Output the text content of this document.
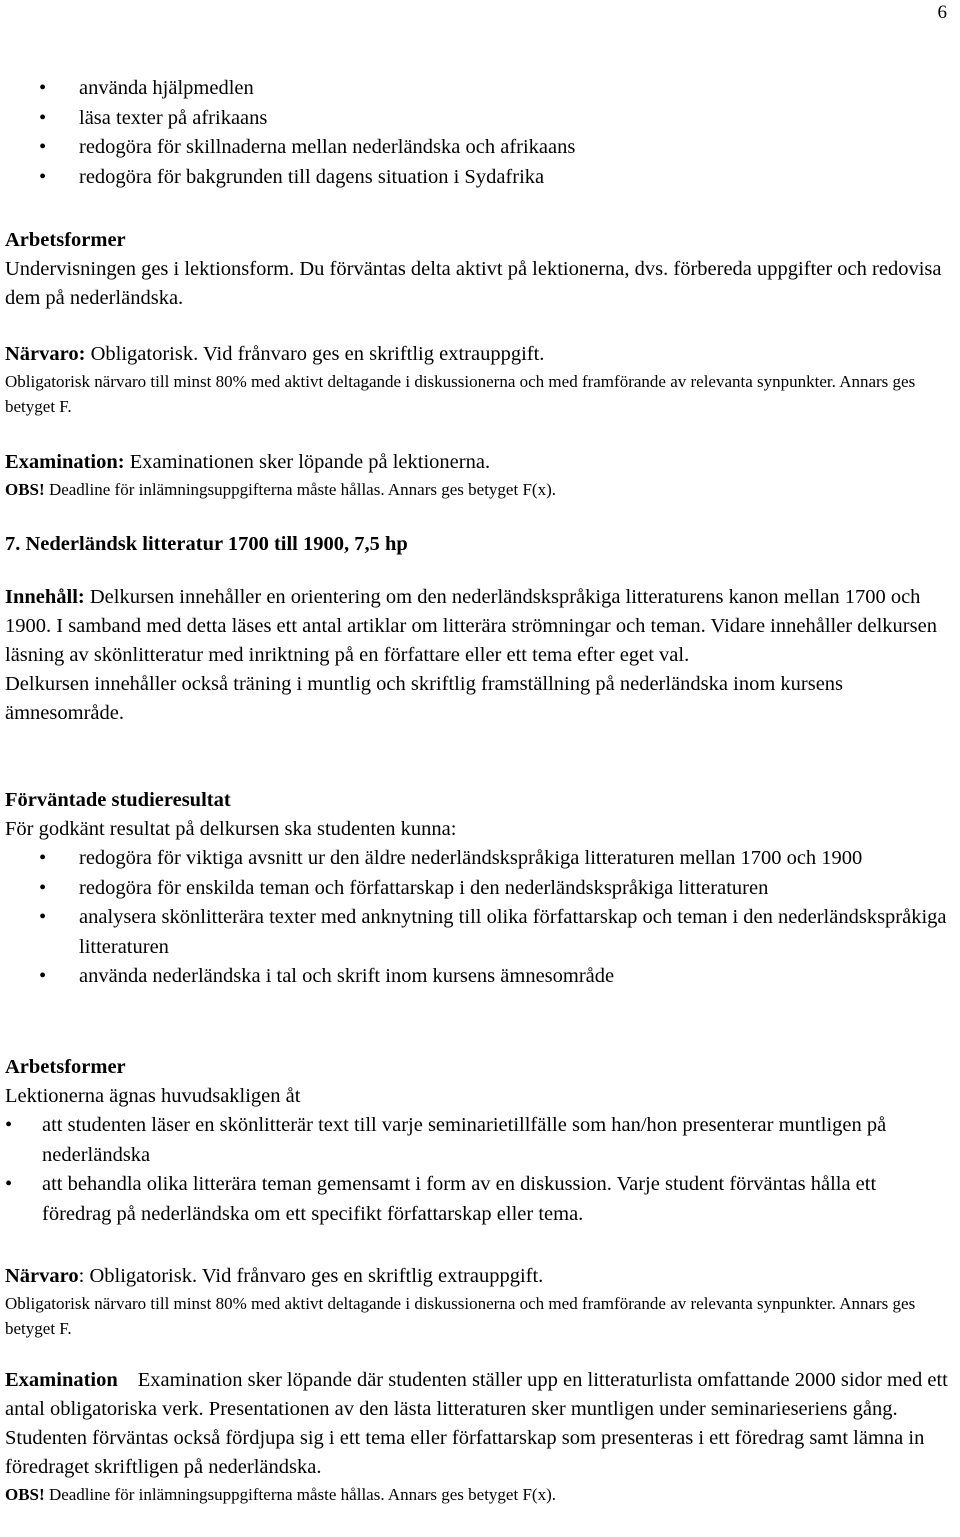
6
• använda hjälpmedlen
• läsa texter på afrikaans
• redogöra för skillnaderna mellan nederländska och afrikaans
• redogöra för bakgrunden till dagens situation i Sydafrika
Arbetsformer
Undervisningen ges i lektionsform. Du förväntas delta aktivt på lektionerna, dvs. förbereda uppgifter och redovisa dem på nederländska.
Närvaro: Obligatorisk. Vid frånvaro ges en skriftlig extrauppgift.
Obligatorisk närvaro till minst 80% med aktivt deltagande i diskussionerna och med framförande av relevanta synpunkter. Annars ges betyget F.
Examination: Examinationen sker löpande på lektionerna.
OBS! Deadline för inlämningsuppgifterna måste hållas. Annars ges betyget F(x).
7. Nederländsk litteratur 1700 till 1900, 7,5 hp
Innehåll: Delkursen innehåller en orientering om den nederländskspråkiga litteraturens kanon mellan 1700 och 1900. I samband med detta läses ett antal artiklar om litterära strömningar och teman. Vidare innehåller delkursen läsning av skönlitteratur med inriktning på en författare eller ett tema efter eget val.
Delkursen innehåller också träning i muntlig och skriftlig framställning på nederländska inom kursens ämnesområde.
Förväntade studieresultat
För godkänt resultat på delkursen ska studenten kunna:
• redogöra för viktiga avsnitt ur den äldre nederländskspråkiga litteraturen mellan 1700 och 1900
• redogöra för enskilda teman och författarskap i den nederländskspråkiga litteraturen
• analysera skönlitterära texter med anknytning till olika författarskap och teman i den nederländskspråkiga litteraturen
• använda nederländska i tal och skrift inom kursens ämnesområde
Arbetsformer
Lektionerna ägnas huvudsakligen åt
• att studenten läser en skönlitterär text till varje seminarietillfälle som han/hon presenterar muntligen på nederländska
• att behandla olika litterära teman gemensamt i form av en diskussion. Varje student förväntas hålla ett föredrag på nederländska om ett specifikt författarskap eller tema.
Närvaro: Obligatorisk. Vid frånvaro ges en skriftlig extrauppgift.
Obligatorisk närvaro till minst 80% med aktivt deltagande i diskussionerna och med framförande av relevanta synpunkter. Annars ges betyget F.
Examination Examination sker löpande där studenten ställer upp en litteraturlista omfattande 2000 sidor med ett antal obligatoriska verk. Presentationen av den lästa litteraturen sker muntligen under seminarieseriens gång. Studenten förväntas också fördjupa sig i ett tema eller författarskap som presenteras i ett föredrag samt lämna in föredraget skriftligen på nederländska.
OBS! Deadline för inlämningsuppgifterna måste hållas. Annars ges betyget F(x).
